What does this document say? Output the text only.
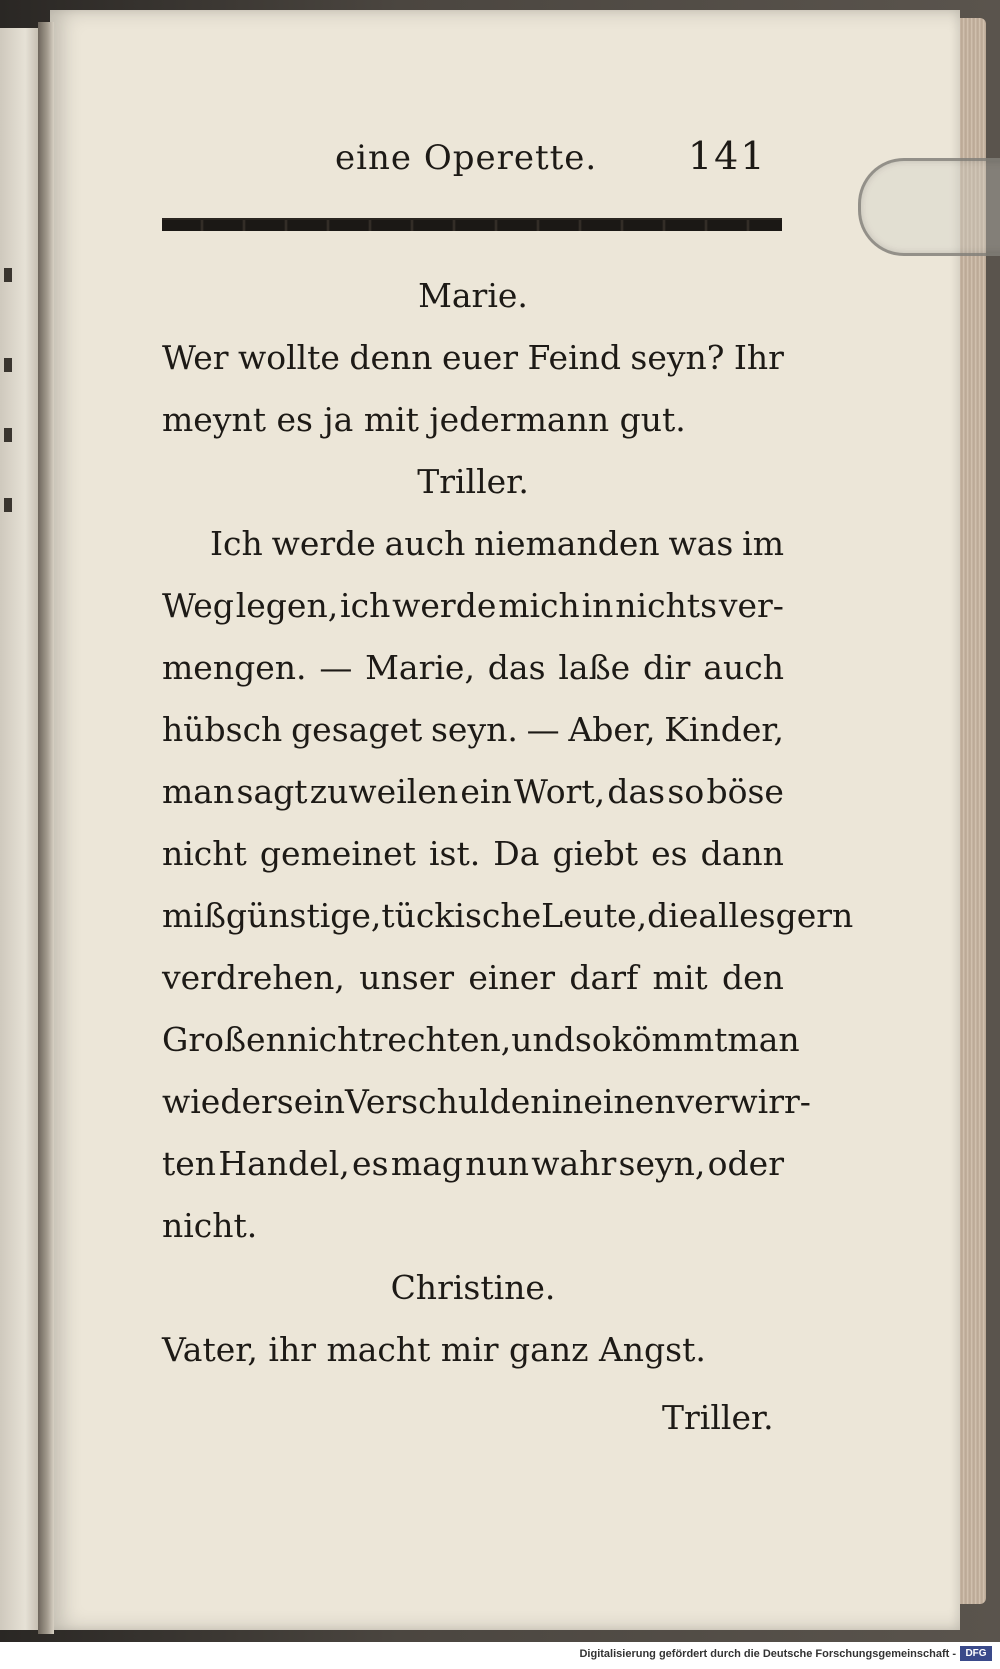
eine Operette. 141
Marie.
Wer wollte denn euer Feind seyn? Ihr
meynt es ja mit jedermann gut.
Triller.
Ich werde auch niemanden was im
Weg legen, ich werde mich in nichts ver-
mengen. — Marie, das laße dir auch
hübsch gesaget seyn. — Aber, Kinder,
man sagt zuweilen ein Wort, das so böse
nicht gemeinet ist. Da giebt es dann
mißgünstige, tückische Leute, die alles gern
verdrehen, unser einer darf mit den
Großen nicht rechten, und so kömmt man
wieder sein Verschulden in einen verwirr-
ten Handel, es mag nun wahr seyn, oder
nicht.
Christine.
Vater, ihr macht mir ganz Angst.
Triller.
Digitalisierung gefördert durch die Deutsche Forschungsgemeinschaft - DFG
